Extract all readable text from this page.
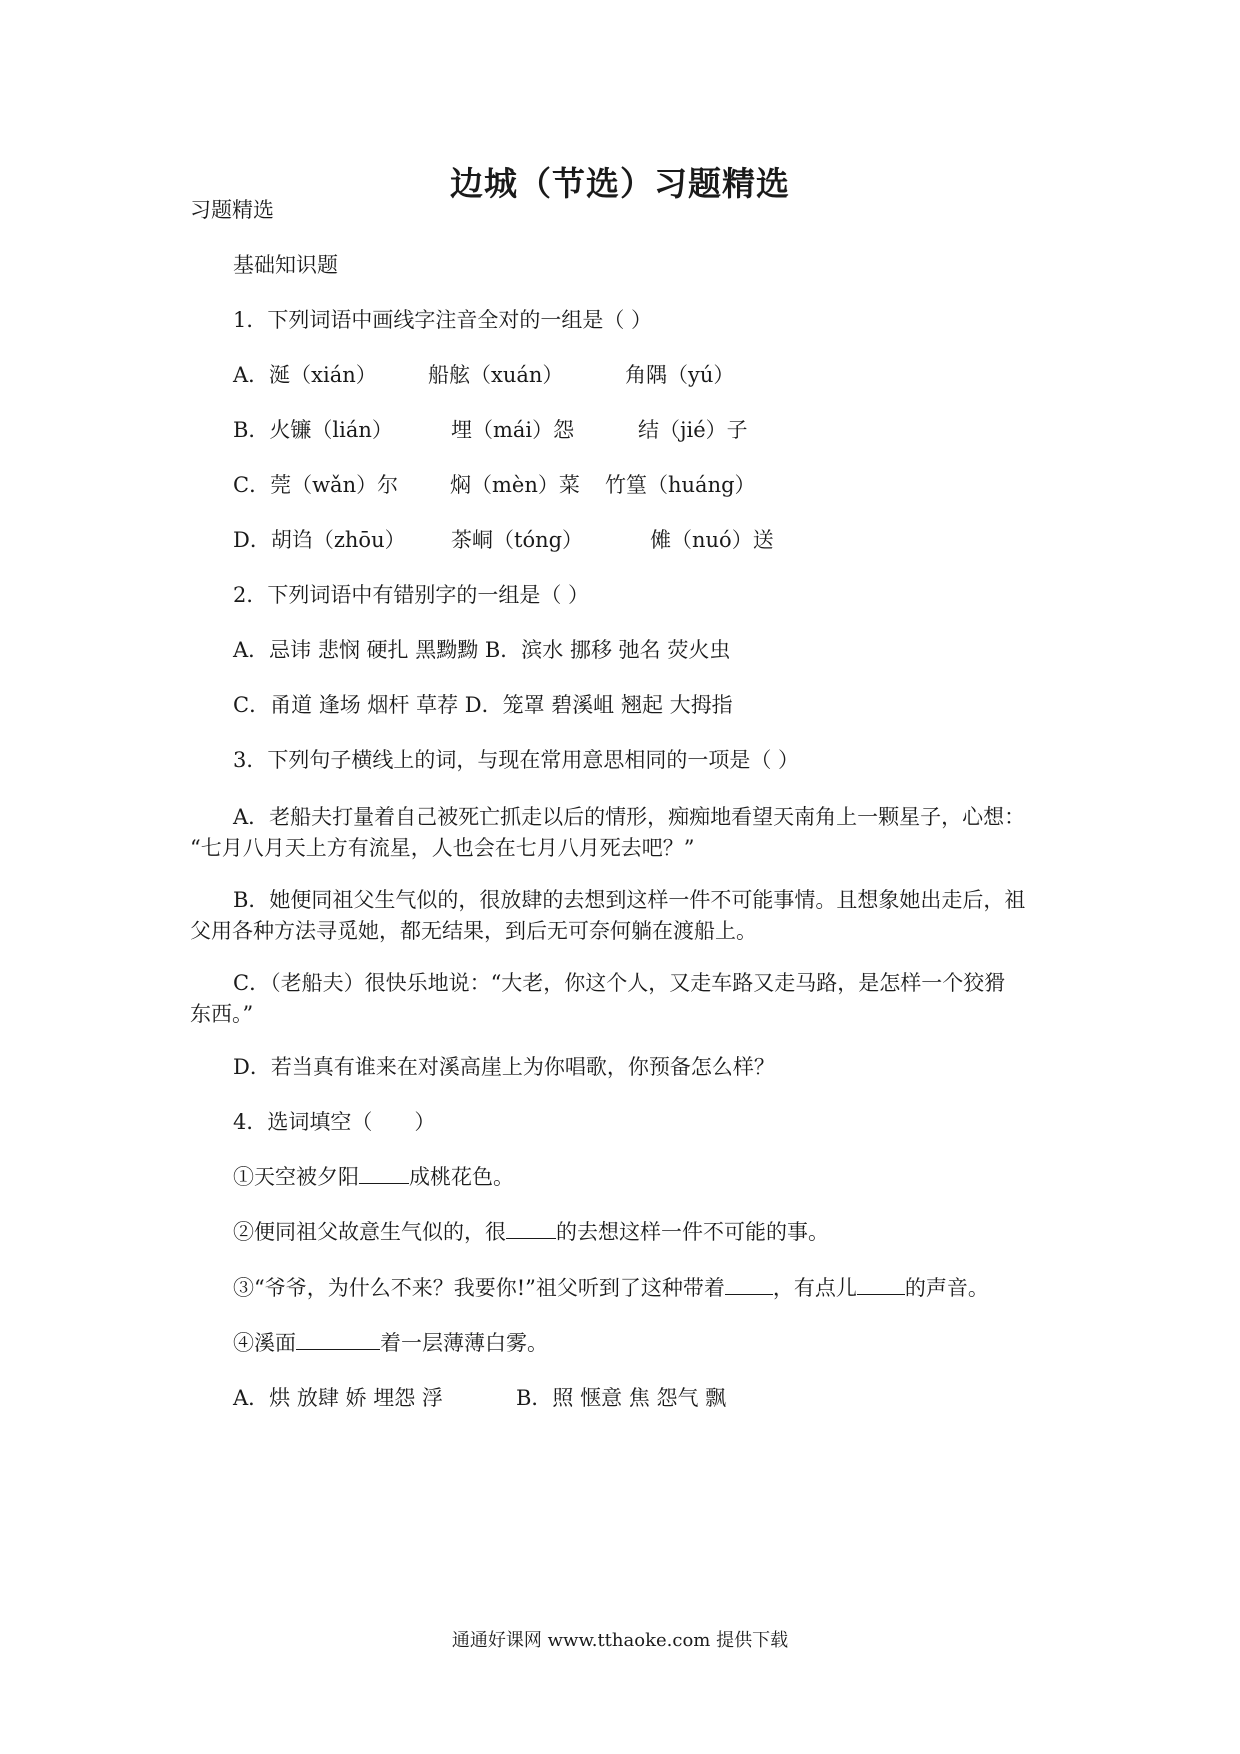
边城（节选）习题精选
习题精选
基础知识题
1．下列词语中画线字注音全对的一组是（ ）
A．涎（xián） 船舷（xuán）	角隅（yú）
B．火镰（lián）	埋（mái）怨	结（jié）子
C．莞（wǎn）尔 焖（mèn）菜 竹篁（huáng）
D．胡诌（zhōu） 茶峒（tóng）	傩（nuó）送
2．下列词语中有错别字的一组是（ ）
A．忌讳 悲悯 硬扎 黑黝黝 B．滨水 挪移 弛名 荧火虫
C．甬道 逢场 烟杆 草荐 D．笼罩 碧溪岨 翘起 大拇指
3．下列句子横线上的词，与现在常用意思相同的一项是（ ）
A．老船夫打量着自己被死亡抓走以后的情形，痴痴地看望天南角上一颗星子，心想：
“七月八月天上方有流星，人也会在七月八月死去吧？”
B．她便同祖父生气似的，很放肆的去想到这样一件不可能事情。且想象她出走后，祖
父用各种方法寻觅她，都无结果，到后无可奈何躺在渡船上。
C．（老船夫）很快乐地说：“大老，你这个人，又走车路又走马路，是怎样一个狡猾
东西。”
D．若当真有谁来在对溪高崖上为你唱歌，你预备怎么样？
4．选词填空（　　）
①天空被夕阳 成桃花色。
②便同祖父故意生气似的，很 的去想这样一件不可能的事。
③“爷爷，为什么不来？我要你!”祖父听到了这种带着 ，有点儿 的声音。
④溪面	着一层薄薄白雾。
A．烘 放肆 娇 埋怨 浮	B．照 惬意 焦 怨气 飘
通通好课网 www.tthaoke.com 提供下载
